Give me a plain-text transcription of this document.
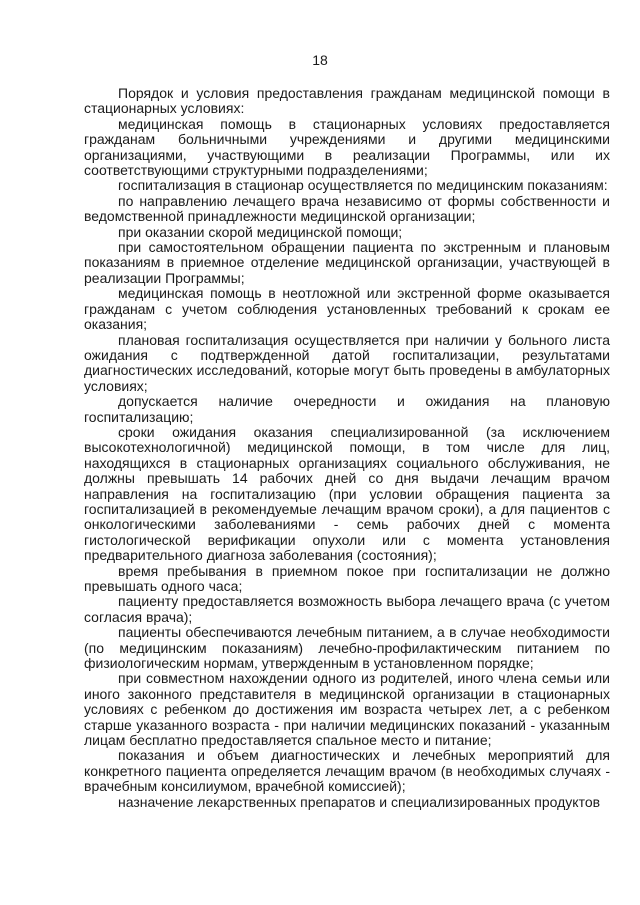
18

Порядок и условия предоставления гражданам медицинской помощи в стационарных условиях:

медицинская помощь в стационарных условиях предоставляется гражданам больничными учреждениями и другими медицинскими организациями, участвующими в реализации Программы, или их соответствующими структурными подразделениями;

госпитализация в стационар осуществляется по медицинским показаниям:

по направлению лечащего врача независимо от формы собственности и ведомственной принадлежности медицинской организации;

при оказании скорой медицинской помощи;

при самостоятельном обращении пациента по экстренным и плановым показаниям в приемное отделение медицинской организации, участвующей в реализации Программы;

медицинская помощь в неотложной или экстренной форме оказывается гражданам с учетом соблюдения установленных требований к срокам ее оказания;

плановая госпитализация осуществляется при наличии у больного листа ожидания с подтвержденной датой госпитализации, результатами диагностических исследований, которые могут быть проведены в амбулаторных условиях;

допускается наличие очередности и ожидания на плановую госпитализацию;

сроки ожидания оказания специализированной (за исключением высокотехнологичной) медицинской помощи, в том числе для лиц, находящихся в стационарных организациях социального обслуживания, не должны превышать 14 рабочих дней со дня выдачи лечащим врачом направления на госпитализацию (при условии обращения пациента за госпитализацией в рекомендуемые лечащим врачом сроки), а для пациентов с онкологическими заболеваниями - семь рабочих дней с момента гистологической верификации опухоли или с момента установления предварительного диагноза заболевания (состояния);

время пребывания в приемном покое при госпитализации не должно превышать одного часа;

пациенту предоставляется возможность выбора лечащего врача (с учетом согласия врача);

пациенты обеспечиваются лечебным питанием, а в случае необходимости (по медицинским показаниям) лечебно-профилактическим питанием по физиологическим нормам, утвержденным в установленном порядке;

при совместном нахождении одного из родителей, иного члена семьи или иного законного представителя в медицинской организации в стационарных условиях с ребенком до достижения им возраста четырех лет, а с ребенком старше указанного возраста - при наличии медицинских показаний - указанным лицам бесплатно предоставляется спальное место и питание;

показания и объем диагностических и лечебных мероприятий для конкретного пациента определяется лечащим врачом (в необходимых случаях - врачебным консилиумом, врачебной комиссией);

назначение лекарственных препаратов и специализированных продуктов
